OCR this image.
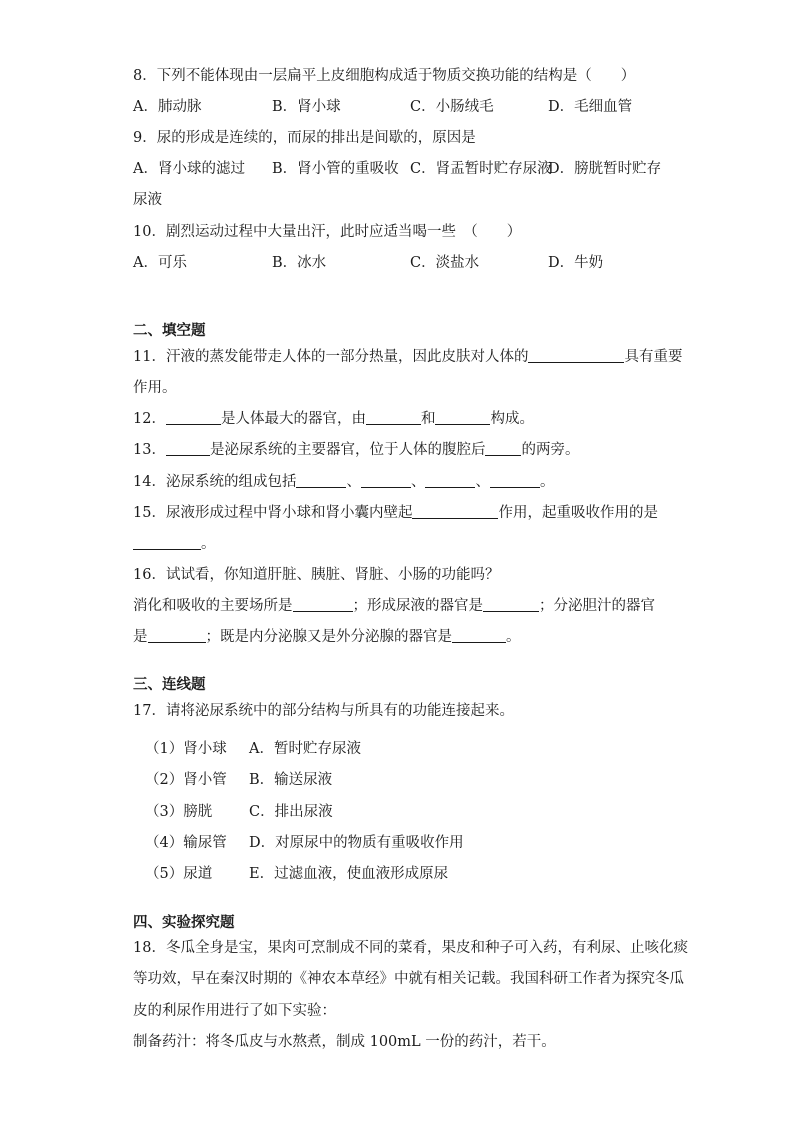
8．下列不能体现由一层扁平上皮细胞构成适于物质交换功能的结构是（　　）
A．肺动脉	B．肾小球	C．小肠绒毛	D．毛细血管
9．尿的形成是连续的，而尿的排出是间歇的，原因是
A．肾小球的滤过 B．肾小管的重吸收 C．肾盂暂时贮存尿液
D．膀胱暂时贮存
尿液
10．剧烈运动过程中大量出汗，此时应适当喝一些　（　　）
A．可乐	B．冰水	C．淡盐水	D．牛奶
二、填空题
11．汗液的蒸发能带走人体的一部分热量，因此皮肤对人体的	具有重要
作用。
12．	是人体最大的器官，由	和	构成。
13．	是泌尿系统的主要器官，位于人体的腹腔后 的两旁。
14．泌尿系统的组成包括	、	、	、	。
15．尿液形成过程中肾小球和肾小囊内壁起	作用，起重吸收作用的是
。
16．试试看，你知道肝脏、胰脏、肾脏、小肠的功能吗？
消化和吸收的主要场所是	；形成尿液的器官是	；分泌胆汁的器官
是	；既是内分泌腺又是外分泌腺的器官是	。
三、连线题
17．请将泌尿系统中的部分结构与所具有的功能连接起来。
（1）肾小球 A．暂时贮存尿液
（2）肾小管 B．输送尿液
（3）膀胱	C．排出尿液
（4）输尿管 D．对原尿中的物质有重吸收作用
（5）尿道	E．过滤血液，使血液形成原尿
四、实验探究题
18．冬瓜全身是宝，果肉可烹制成不同的菜肴，果皮和种子可入药，有利尿、止咳化痰
等功效，早在秦汉时期的《神农本草经》中就有相关记载。我国科研工作者为探究冬瓜
皮的利尿作用进行了如下实验：
制备药汁：将冬瓜皮与水熬煮，制成 100mL 一份的药汁，若干。
